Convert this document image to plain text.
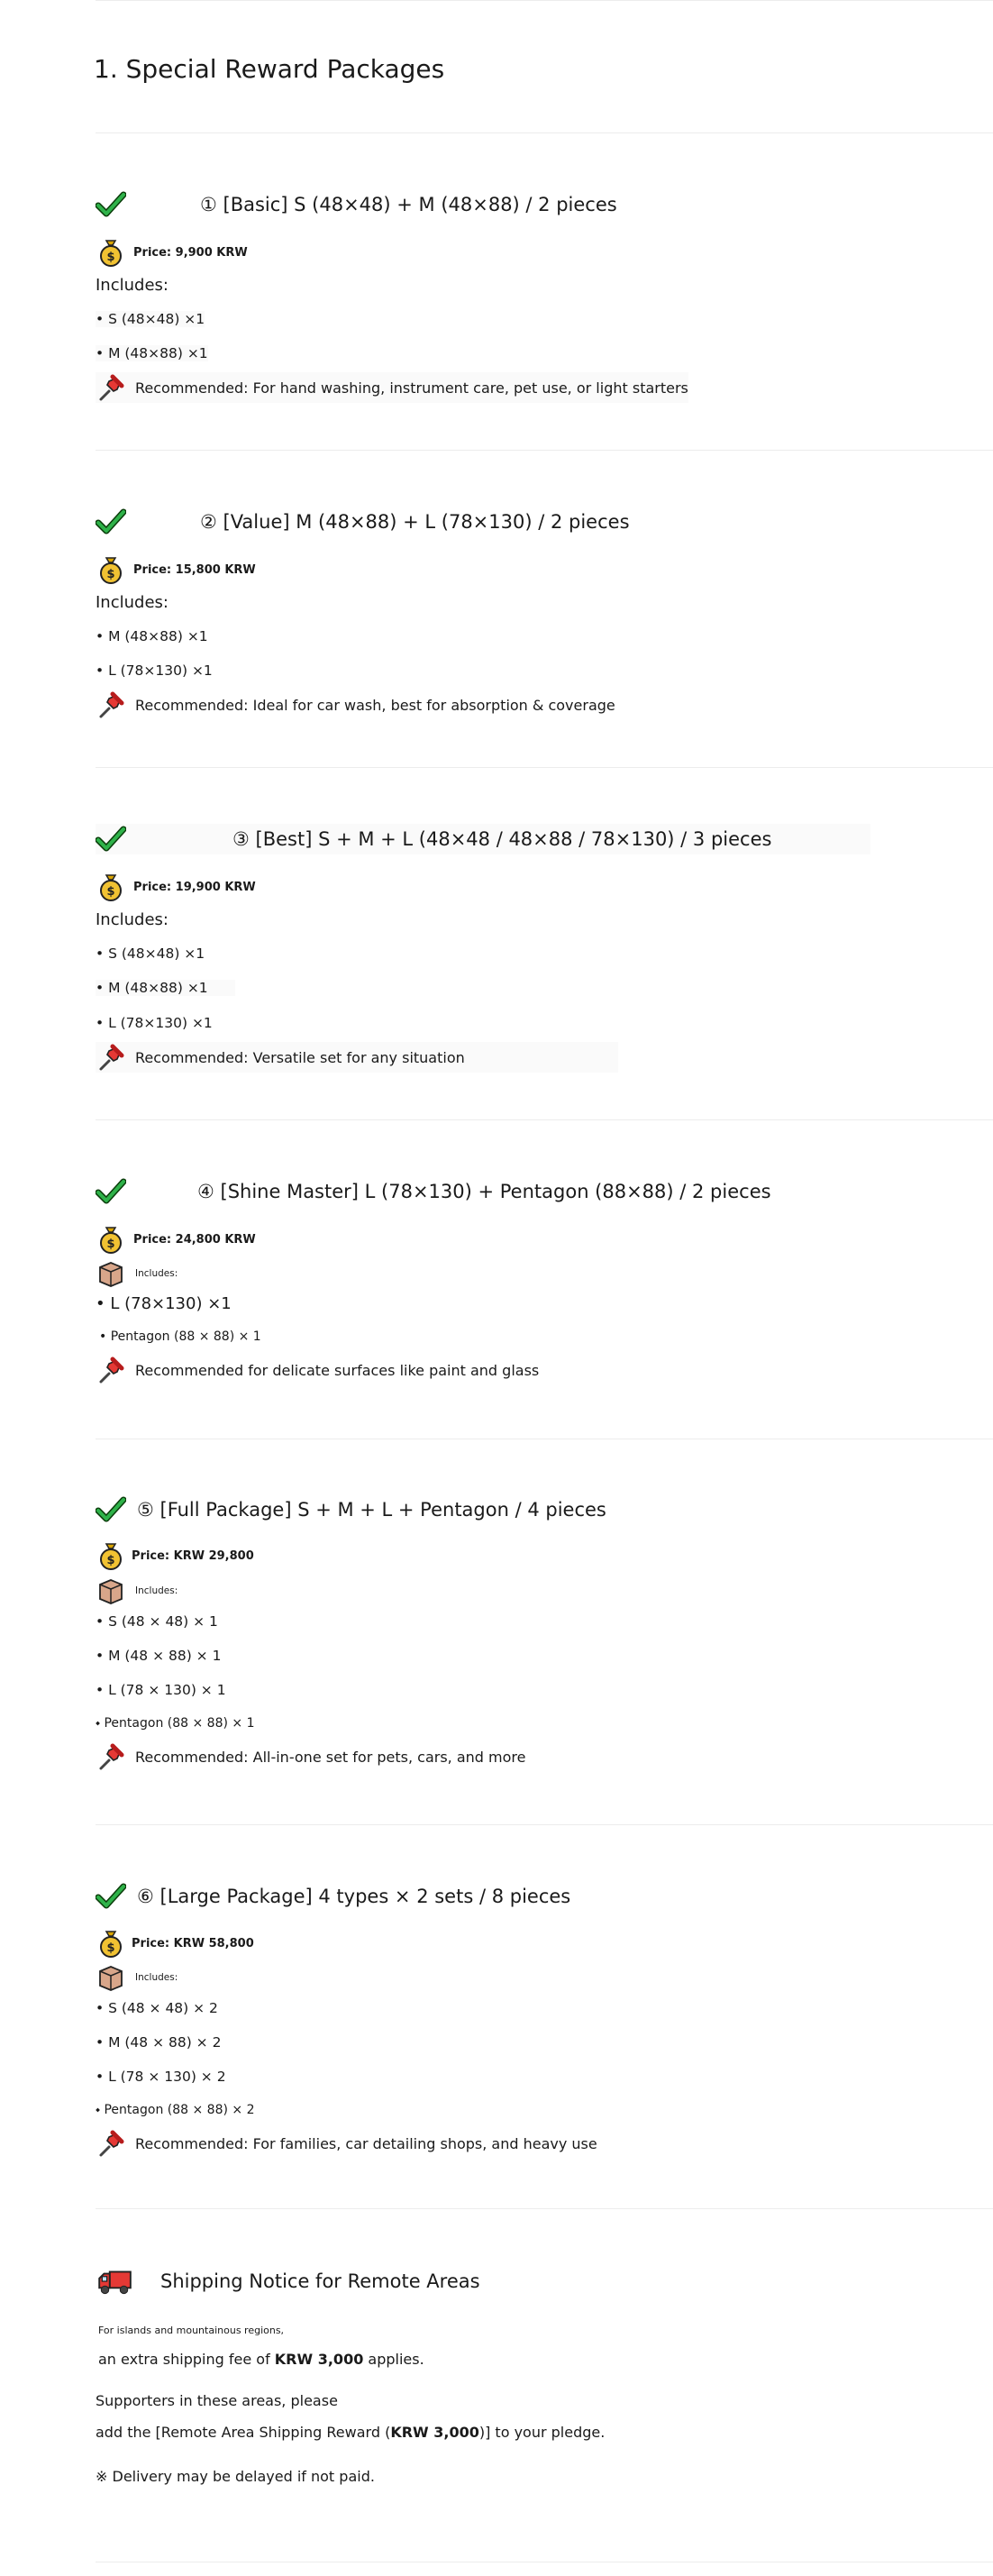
1. Special Reward Packages
① [Basic] S (48×48) + M (48×88) / 2 pieces
$ Price: 9,900 KRW
Includes:
• S (48×48) ×1
• M (48×88) ×1
Recommended: For hand washing, instrument care, pet use, or light starters
② [Value] M (48×88) + L (78×130) / 2 pieces
$ Price: 15,800 KRW
Includes:
• M (48×88) ×1
• L (78×130) ×1
Recommended: Ideal for car wash, best for absorption & coverage
③ [Best] S + M + L (48×48 / 48×88 / 78×130) / 3 pieces
$ Price: 19,900 KRW
Includes:
• S (48×48) ×1
• M (48×88) ×1
• L (78×130) ×1
Recommended: Versatile set for any situation
④ [Shine Master] L (78×130) + Pentagon (88×88) / 2 pieces
$ Price: 24,800 KRW
Includes:
• L (78×130) ×1
• Pentagon (88 × 88) × 1
Recommended for delicate surfaces like paint and glass
⑤ [Full Package] S + M + L + Pentagon / 4 pieces
$ Price: KRW 29,800
Includes:
• S (48 × 48) × 1
• M (48 × 88) × 1
• L (78 × 130) × 1
⬩ Pentagon (88 × 88) × 1
Recommended: All-in-one set for pets, cars, and more
⑥ [Large Package] 4 types × 2 sets / 8 pieces
$ Price: KRW 58,800
Includes:
• S (48 × 48) × 2
• M (48 × 88) × 2
• L (78 × 130) × 2
⬩ Pentagon (88 × 88) × 2
Recommended: For families, car detailing shops, and heavy use
Shipping Notice for Remote Areas
For islands and mountainous regions,
an extra shipping fee of KRW 3,000 applies.
Supporters in these areas, please
add the [Remote Area Shipping Reward (KRW 3,000)] to your pledge.
※ Delivery may be delayed if not paid.
